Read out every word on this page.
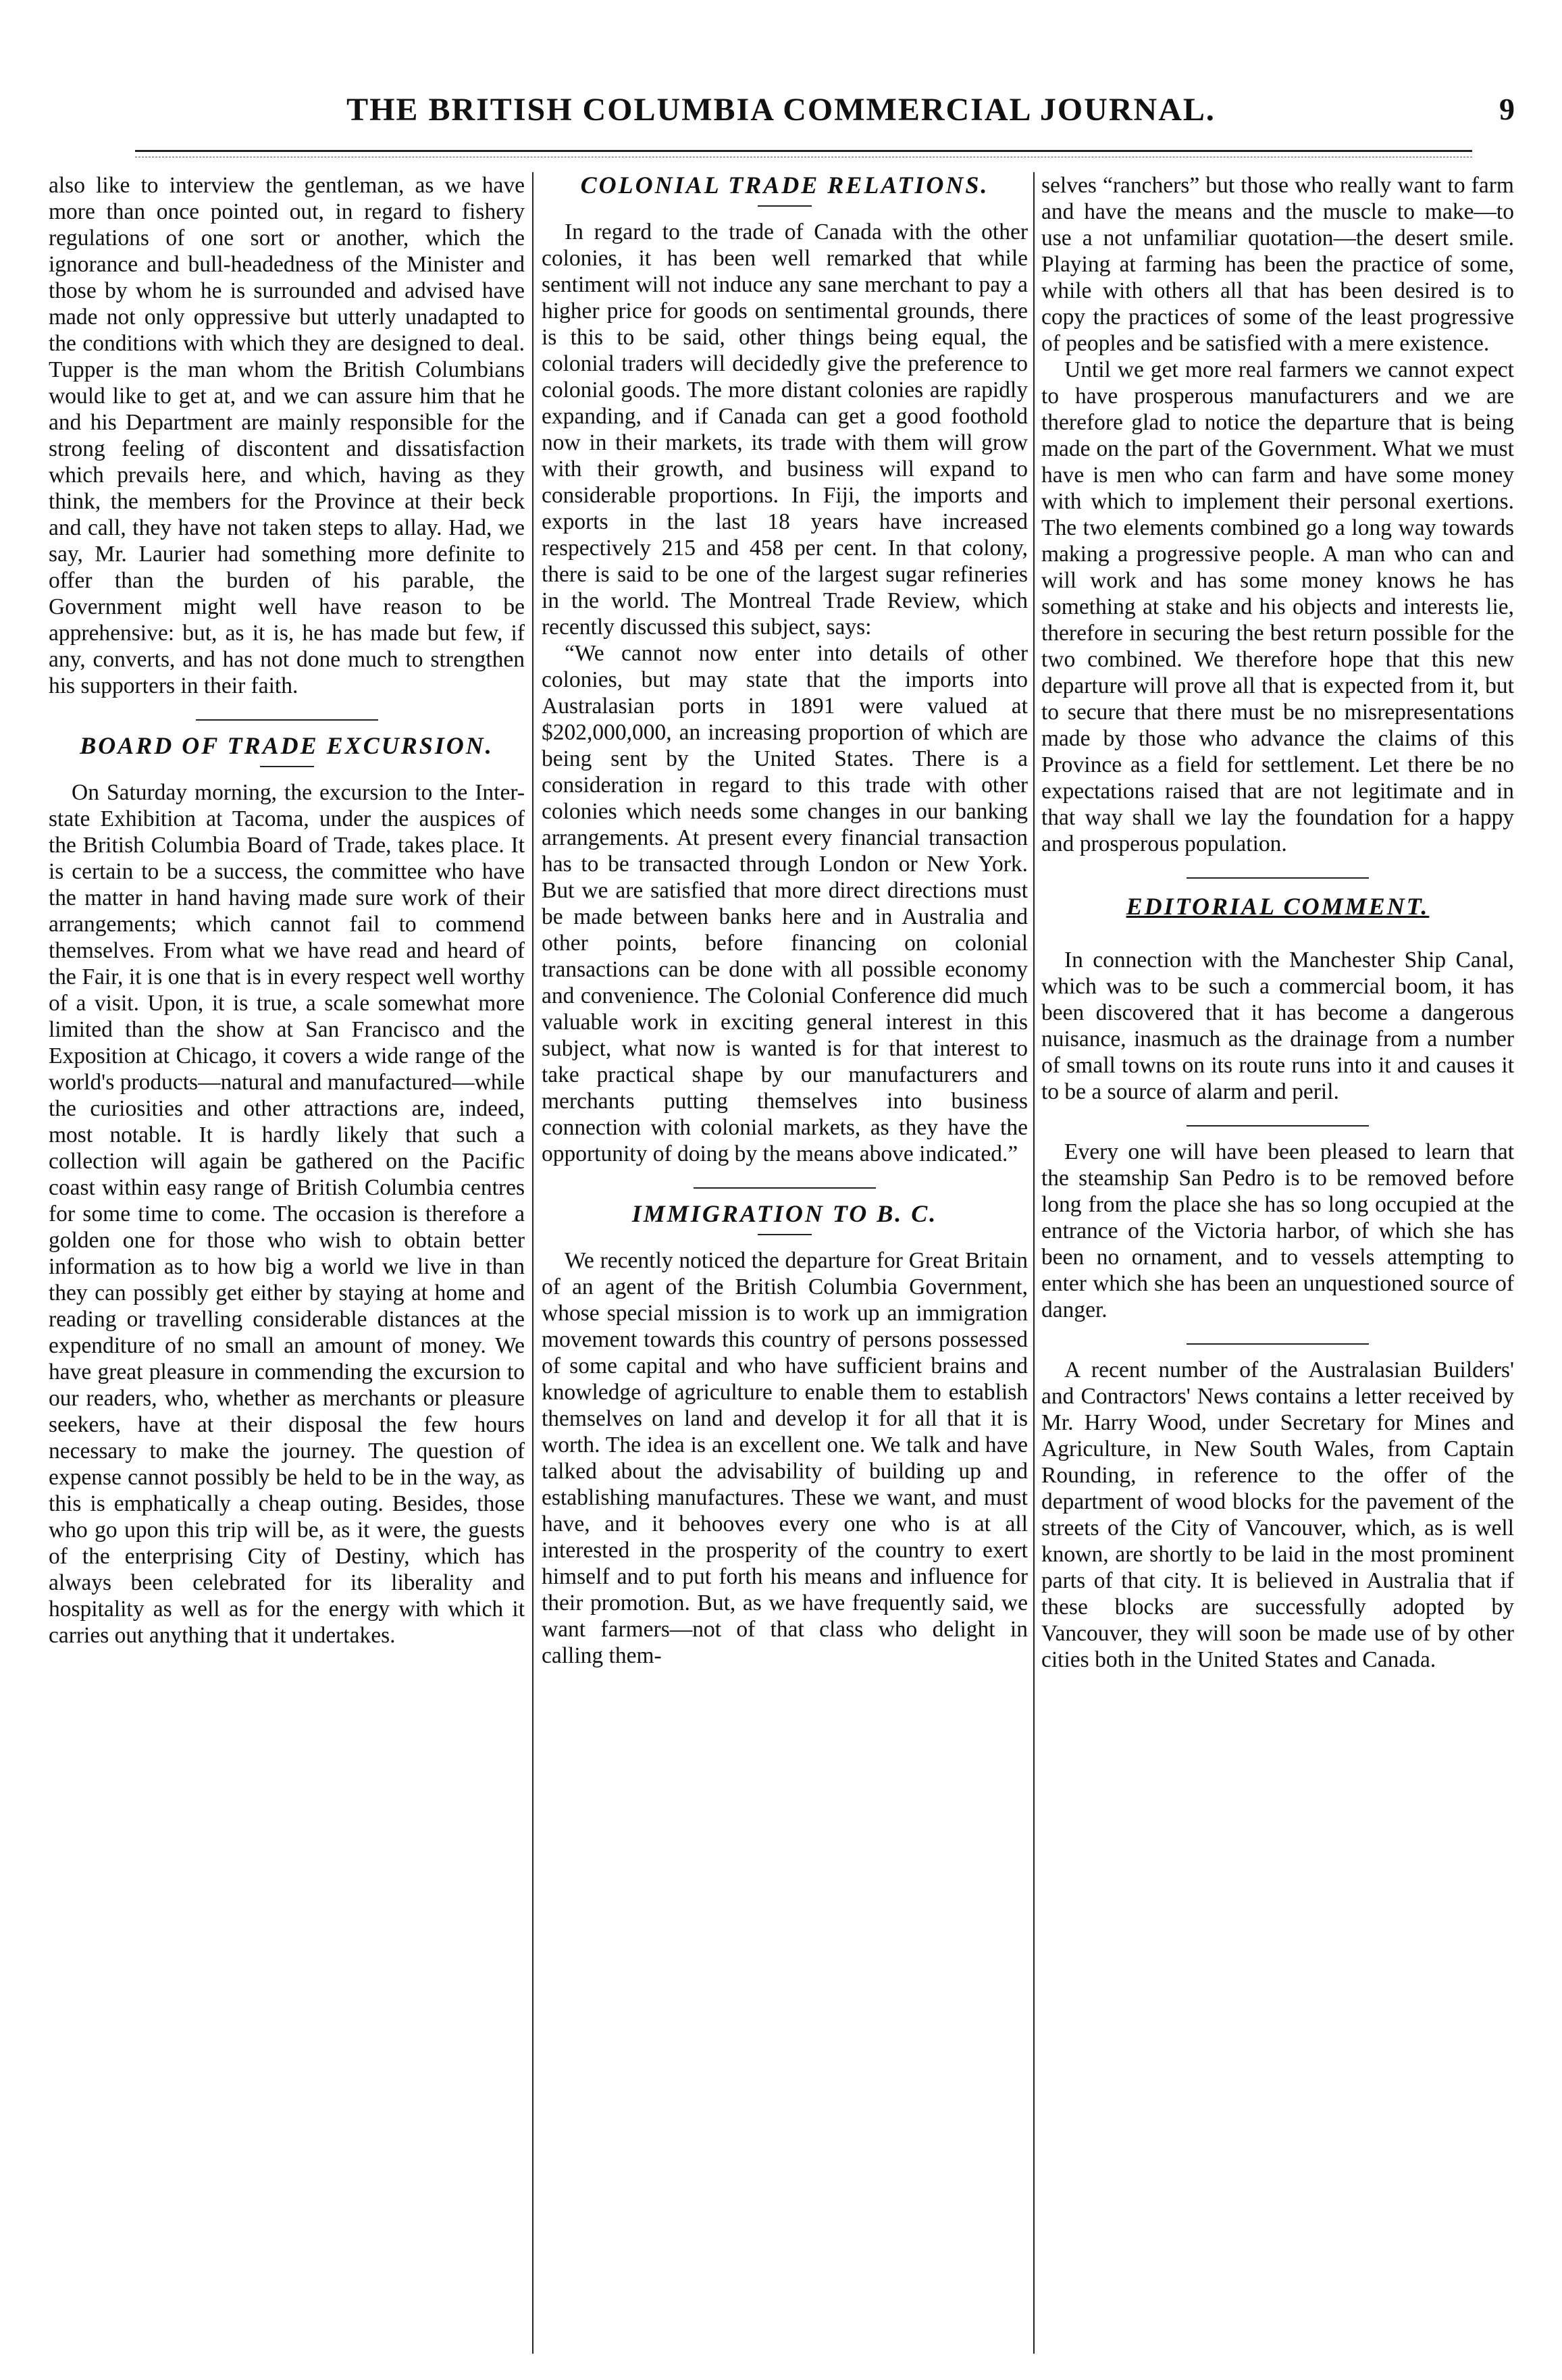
THE BRITISH COLUMBIA COMMERCIAL JOURNAL.	9

also like to interview the gentleman, as we have more than once pointed out, in regard to fishery regulations of one sort or another, which the ignorance and bull-headedness of the Minister and those by whom he is surrounded and advised have made not only oppressive but utterly unadapted to the conditions with which they are designed to deal. Tupper is the man whom the British Columbians would like to get at, and we can assure him that he and his Department are mainly responsible for the strong feeling of discontent and dissatisfaction which prevails here, and which, having as they think, the members for the Province at their beck and call, they have not taken steps to allay. Had, we say, Mr. Laurier had something more definite to offer than the burden of his parable, the Government might well have reason to be apprehensive: but, as it is, he has made but few, if any, converts, and has not done much to strengthen his supporters in their faith.

BOARD OF TRADE EXCURSION.

On Saturday morning, the excursion to the Inter-state Exhibition at Tacoma, under the auspices of the British Columbia Board of Trade, takes place. It is certain to be a success, the committee who have the matter in hand having made sure work of their arrangements; which cannot fail to commend themselves. From what we have read and heard of the Fair, it is one that is in every respect well worthy of a visit. Upon, it is true, a scale somewhat more limited than the show at San Francisco and the Exposition at Chicago, it covers a wide range of the world's products—natural and manufactured—while the curiosities and other attractions are, indeed, most notable. It is hardly likely that such a collection will again be gathered on the Pacific coast within easy range of British Columbia centres for some time to come. The occasion is therefore a golden one for those who wish to obtain better information as to how big a world we live in than they can possibly get either by staying at home and reading or travelling considerable distances at the expenditure of no small an amount of money. We have great pleasure in commending the excursion to our readers, who, whether as merchants or pleasure seekers, have at their disposal the few hours necessary to make the journey. The question of expense cannot possibly be held to be in the way, as this is emphatically a cheap outing. Besides, those who go upon this trip will be, as it were, the guests of the enterprising City of Destiny, which has always been celebrated for its liberality and hospitality as well as for the energy with which it carries out anything that it undertakes.

COLONIAL TRADE RELATIONS.

In regard to the trade of Canada with the other colonies, it has been well remarked that while sentiment will not induce any sane merchant to pay a higher price for goods on sentimental grounds, there is this to be said, other things being equal, the colonial traders will decidedly give the preference to colonial goods. The more distant colonies are rapidly expanding, and if Canada can get a good foothold now in their markets, its trade with them will grow with their growth, and business will expand to considerable proportions. In Fiji, the imports and exports in the last 18 years have increased respectively 215 and 458 per cent. In that colony, there is said to be one of the largest sugar refineries in the world. The Montreal Trade Review, which recently discussed this subject, says:

“We cannot now enter into details of other colonies, but may state that the imports into Australasian ports in 1891 were valued at $202,000,000, an increasing proportion of which are being sent by the United States. There is a consideration in regard to this trade with other colonies which needs some changes in our banking arrangements. At present every financial transaction has to be transacted through London or New York. But we are satisfied that more direct directions must be made between banks here and in Australia and other points, before financing on colonial transactions can be done with all possible economy and convenience. The Colonial Conference did much valuable work in exciting general interest in this subject, what now is wanted is for that interest to take practical shape by our manufacturers and merchants putting themselves into business connection with colonial markets, as they have the opportunity of doing by the means above indicated.”

IMMIGRATION TO B. C.

We recently noticed the departure for Great Britain of an agent of the British Columbia Government, whose special mission is to work up an immigration movement towards this country of persons possessed of some capital and who have sufficient brains and knowledge of agriculture to enable them to establish themselves on land and develop it for all that it is worth. The idea is an excellent one. We talk and have talked about the advisability of building up and establishing manufactures. These we want, and must have, and it behooves every one who is at all interested in the prosperity of the country to exert himself and to put forth his means and influence for their promotion. But, as we have frequently said, we want farmers—not of that class who delight in calling them-

selves “ranchers” but those who really want to farm and have the means and the muscle to make—to use a not unfamiliar quotation—the desert smile. Playing at farming has been the practice of some, while with others all that has been desired is to copy the practices of some of the least progressive of peoples and be satisfied with a mere existence.

Until we get more real farmers we cannot expect to have prosperous manufacturers and we are therefore glad to notice the departure that is being made on the part of the Government. What we must have is men who can farm and have some money with which to implement their personal exertions. The two elements combined go a long way towards making a progressive people. A man who can and will work and has some money knows he has something at stake and his objects and interests lie, therefore in securing the best return possible for the two combined. We therefore hope that this new departure will prove all that is expected from it, but to secure that there must be no misrepresentations made by those who advance the claims of this Province as a field for settlement. Let there be no expectations raised that are not legitimate and in that way shall we lay the foundation for a happy and prosperous population.

EDITORIAL COMMENT.

In connection with the Manchester Ship Canal, which was to be such a commercial boom, it has been discovered that it has become a dangerous nuisance, inasmuch as the drainage from a number of small towns on its route runs into it and causes it to be a source of alarm and peril.

Every one will have been pleased to learn that the steamship San Pedro is to be removed before long from the place she has so long occupied at the entrance of the Victoria harbor, of which she has been no ornament, and to vessels attempting to enter which she has been an unquestioned source of danger.

A recent number of the Australasian Builders' and Contractors' News contains a letter received by Mr. Harry Wood, under Secretary for Mines and Agriculture, in New South Wales, from Captain Rounding, in reference to the offer of the department of wood blocks for the pavement of the streets of the City of Vancouver, which, as is well known, are shortly to be laid in the most prominent parts of that city. It is believed in Australia that if these blocks are successfully adopted by Vancouver, they will soon be made use of by other cities both in the United States and Canada.
